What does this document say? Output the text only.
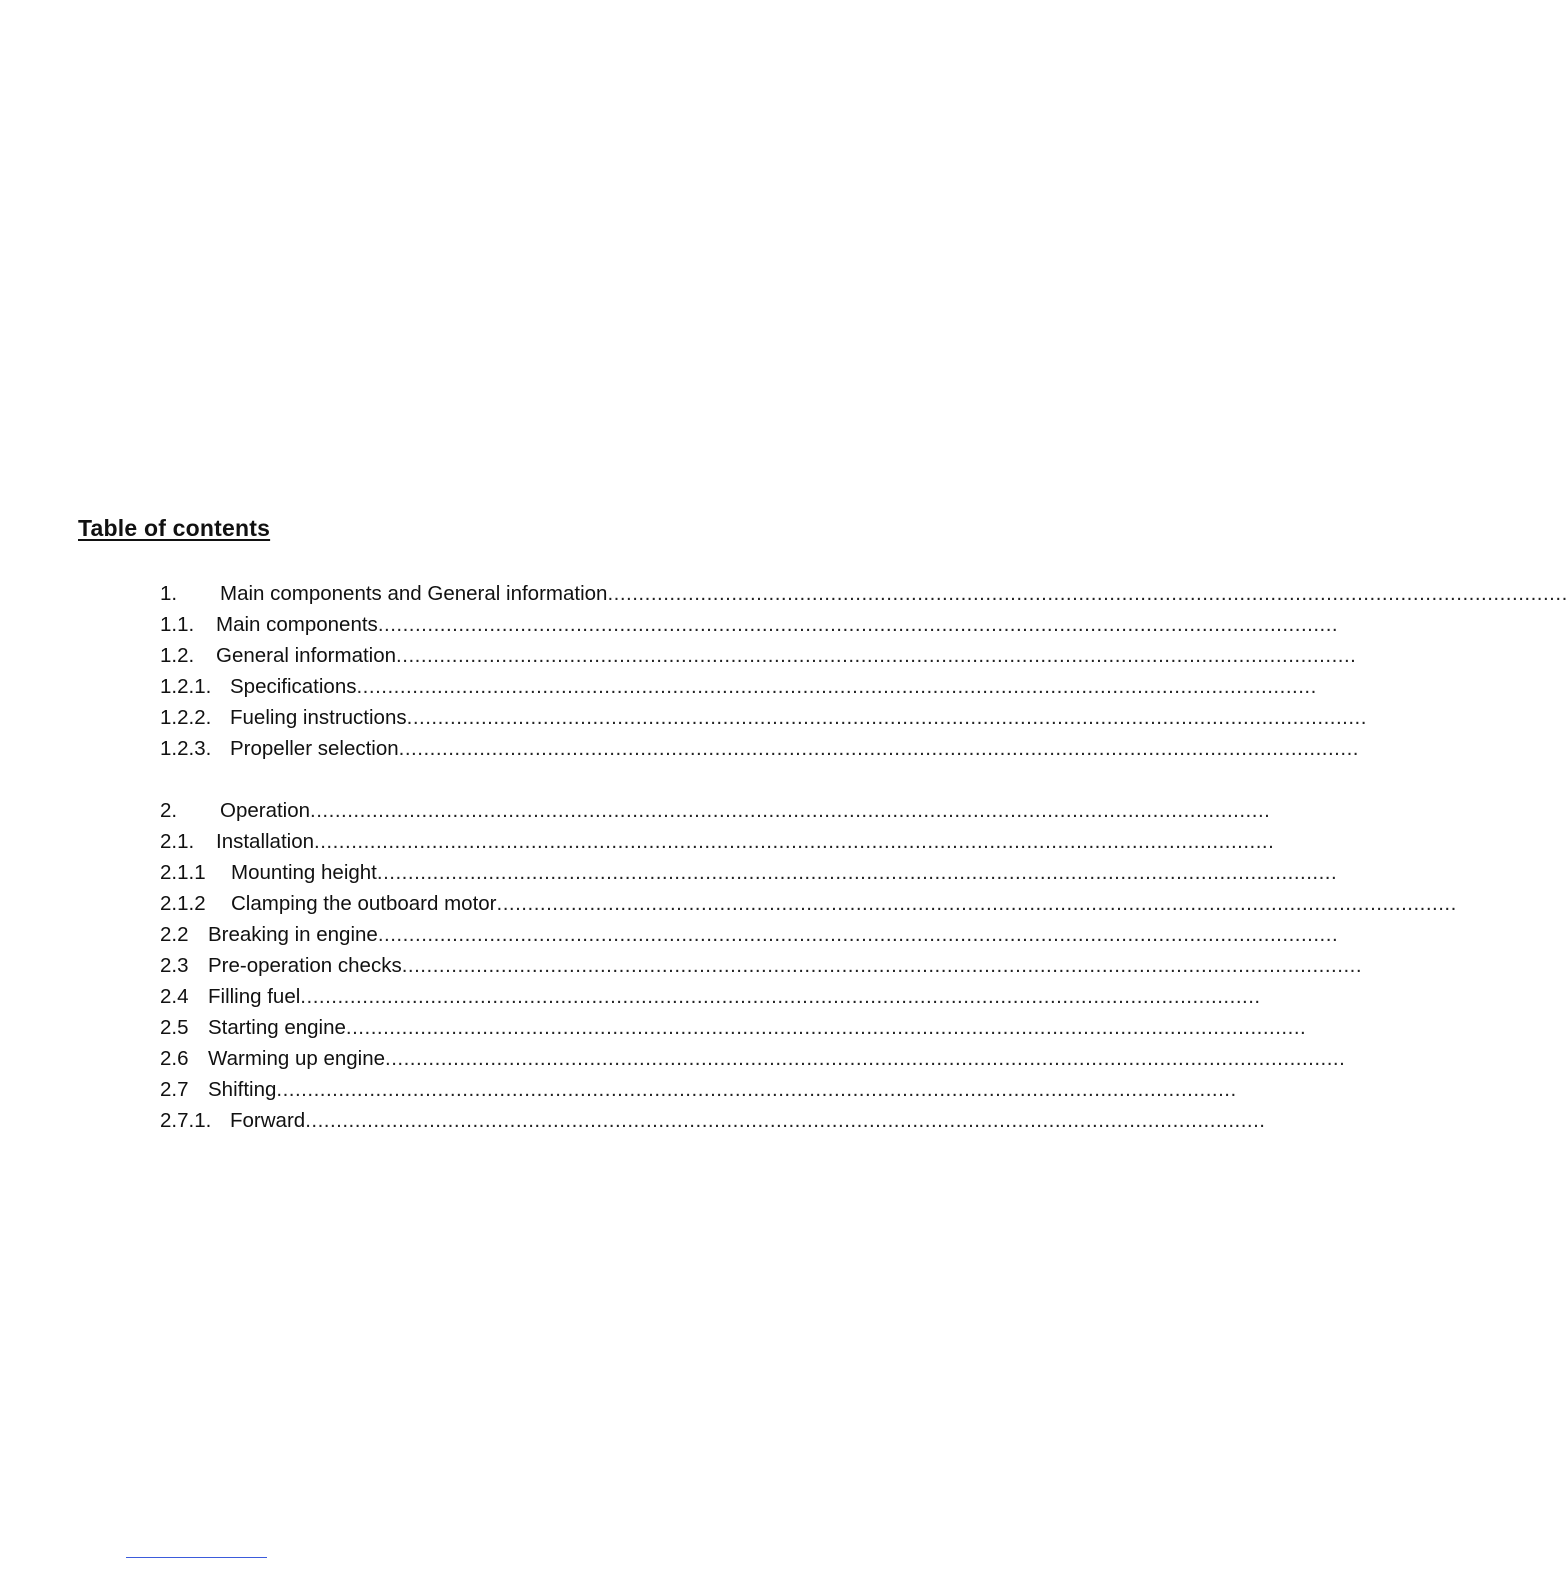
Table of contents
1.	Main components and General information ...........................................................................................................................................................
1.1.	Main components ...........................................................................................................................................................
1.2.	General information ...........................................................................................................................................................
1.2.1. Specifications ...........................................................................................................................................................
1.2.2. Fueling instructions ...........................................................................................................................................................
1.2.3. Propeller selection ...........................................................................................................................................................
2.	Operation ...........................................................................................................................................................
2.1.	Installation ...........................................................................................................................................................
2.1.1	Mounting height ...........................................................................................................................................................
2.1.2	Clamping the outboard motor ...........................................................................................................................................................
2.2 Breaking in engine ...........................................................................................................................................................
2.3 Pre-operation checks ...........................................................................................................................................................
2.4 Filling fuel ...........................................................................................................................................................
2.5 Starting engine ...........................................................................................................................................................
2.6 Warming up engine ...........................................................................................................................................................
2.7 Shifting ...........................................................................................................................................................
2.7.1. Forward ...........................................................................................................................................................
